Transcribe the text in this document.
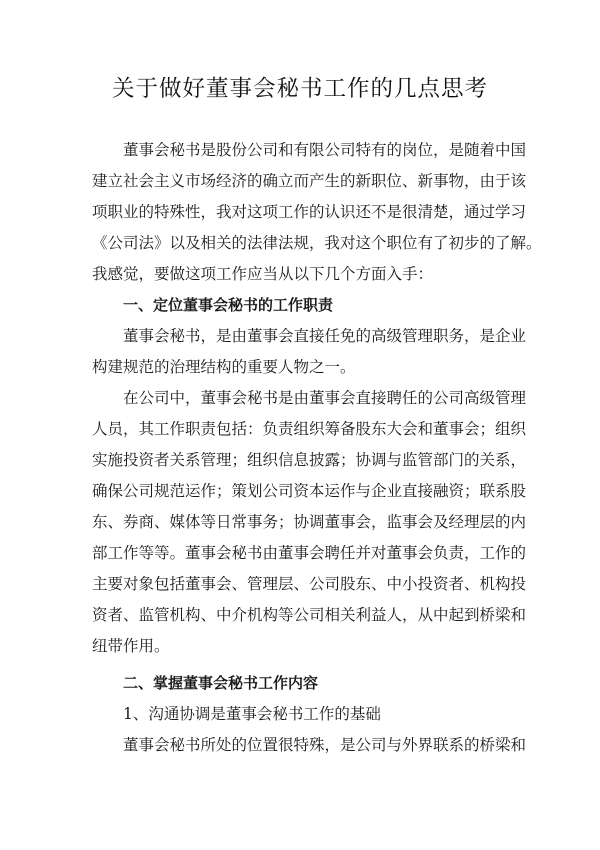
关于做好董事会秘书工作的几点思考
董事会秘书是股份公司和有限公司特有的岗位，是随着中国
建立社会主义市场经济的确立而产生的新职位、新事物，由于该
项职业的特殊性，我对这项工作的认识还不是很清楚，通过学习
《公司法》以及相关的法律法规，我对这个职位有了初步的了解。
我感觉，要做这项工作应当从以下几个方面入手：
一、定位董事会秘书的工作职责
董事会秘书，是由董事会直接任免的高级管理职务，是企业
构建规范的治理结构的重要人物之一。
在公司中，董事会秘书是由董事会直接聘任的公司高级管理
人员，其工作职责包括：负责组织筹备股东大会和董事会；组织
实施投资者关系管理；组织信息披露；协调与监管部门的关系，
确保公司规范运作；策划公司资本运作与企业直接融资；联系股
东、券商、媒体等日常事务；协调董事会，监事会及经理层的内
部工作等等。董事会秘书由董事会聘任并对董事会负责，工作的
主要对象包括董事会、管理层、公司股东、中小投资者、机构投
资者、监管机构、中介机构等公司相关利益人，从中起到桥梁和
纽带作用。
二、掌握董事会秘书工作内容
1、沟通协调是董事会秘书工作的基础
董事会秘书所处的位置很特殊，是公司与外界联系的桥梁和
